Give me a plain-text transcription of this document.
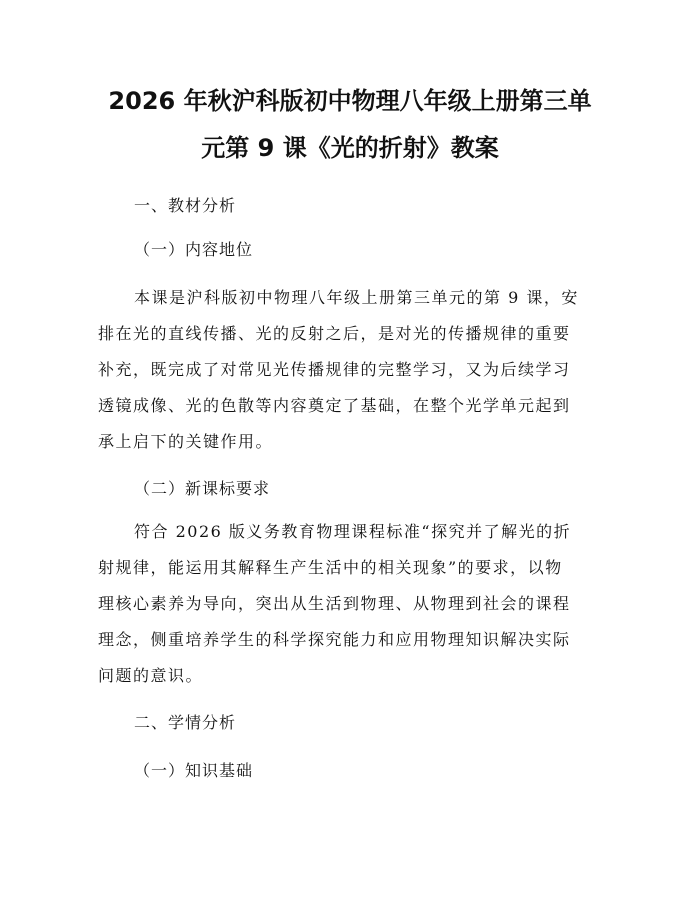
2026 年秋沪科版初中物理八年级上册第三单
元第 9 课《光的折射》教案
一、教材分析
（一）内容地位
本课是沪科版初中物理八年级上册第三单元的第 9 课，安
排在光的直线传播、光的反射之后，是对光的传播规律的重要
补充，既完成了对常见光传播规律的完整学习，又为后续学习
透镜成像、光的色散等内容奠定了基础，在整个光学单元起到
承上启下的关键作用。
（二）新课标要求
符合 2026 版义务教育物理课程标准“探究并了解光的折
射规律，能运用其解释生产生活中的相关现象”的要求，以物
理核心素养为导向，突出从生活到物理、从物理到社会的课程
理念，侧重培养学生的科学探究能力和应用物理知识解决实际
问题的意识。
二、学情分析
（一）知识基础
